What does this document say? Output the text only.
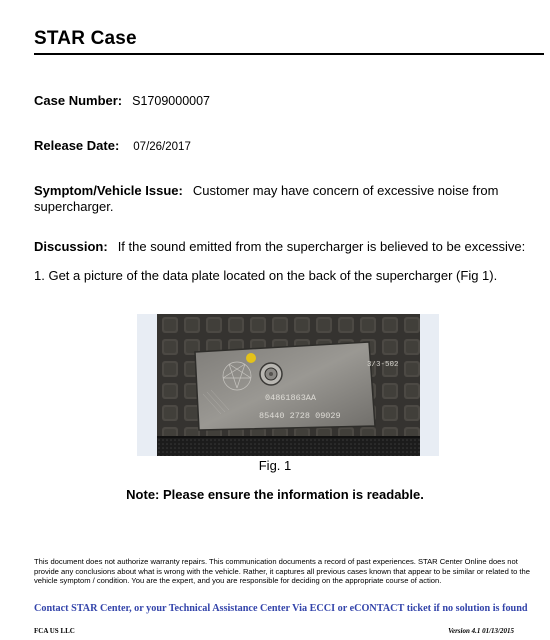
STAR Case
Case Number: S1709000007
Release Date: 07/26/2017
Symptom/Vehicle Issue: Customer may have concern of excessive noise from supercharger.
Discussion: If the sound emitted from the supercharger is believed to be excessive:
1. Get a picture of the data plate located on the back of the supercharger (Fig 1).
04861863AA
85440 2728 09029
3/3-502
Fig. 1
Note: Please ensure the information is readable.
This document does not authorize warranty repairs. This communication documents a record of past experiences. STAR Center Online does not provide any conclusions about what is wrong with the vehicle. Rather, it captures all previous cases known that appear to be similar or related to the vehicle symptom / condition. You are the expert, and you are responsible for deciding on the appropriate course of action.
Contact STAR Center, or your Technical Assistance Center Via ECCI or eCONTACT ticket if no solution is found
FCA US LLC	Version 4.1 01/13/2015
